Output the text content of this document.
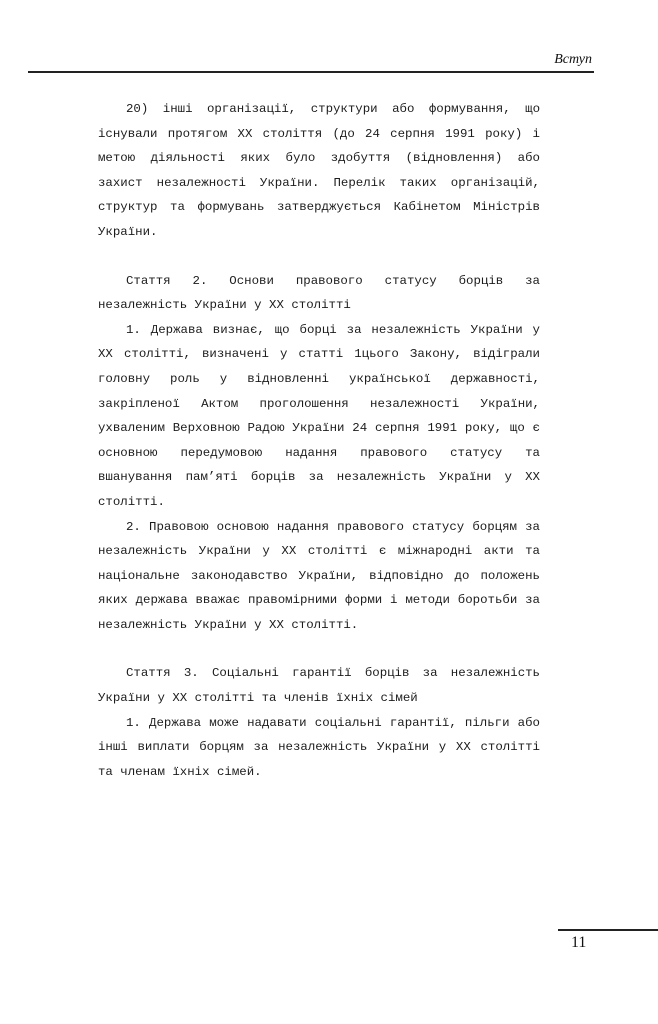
Вступ

20) інші організації, структури або формування, що існували протягом ХХ століття (до 24 серпня 1991 року) і метою діяльності яких було здобуття (відновлення) або захист незалежності України. Перелік таких організацій, структур та формувань затверджується Кабінетом Міністрів України.

Стаття 2. Основи правового статусу борців за незалежність України у ХХ столітті

1. Держава визнає, що борці за незалежність України у ХХ столітті, визначені у статті 1цього Закону, відіграли головну роль у відновленні української державності, закріпленої Актом проголошення незалежності України, ухваленим Верховною Радою України 24 серпня 1991 року, що є основною передумовою надання правового статусу та вшанування пам’яті борців за незалежність України у ХХ столітті.

2. Правовою основою надання правового статусу борцям за незалежність України у ХХ столітті є міжнародні акти та національне законодавство України, відповідно до положень яких держава вважає правомірними форми і методи боротьби за незалежність України у ХХ столітті.

Стаття 3. Соціальні гарантії борців за незалежність України у ХХ столітті та членів їхніх сімей

1. Держава може надавати соціальні гарантії, пільги або інші виплати борцям за незалежність України у ХХ столітті та членам їхніх сімей.

11
